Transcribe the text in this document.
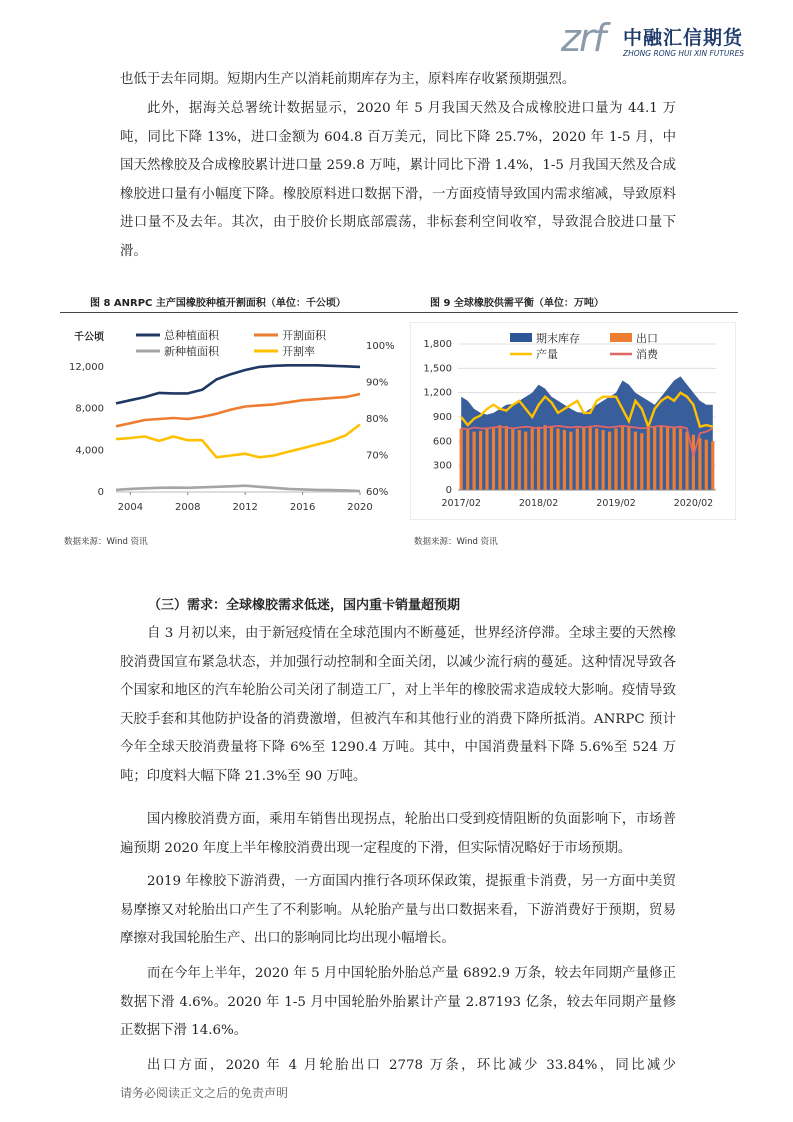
zrf 中融汇信期货
ZHONG RONG HUI XIN FUTURES

也低于去年同期。短期内生产以消耗前期库存为主，原料库存收紧预期强烈。

此外，据海关总署统计数据显示，2020 年 5 月我国天然及合成橡胶进口量为 44.1 万吨，同比下降 13%，进口金额为 604.8 百万美元，同比下降 25.7%，2020 年 1-5 月，中国天然橡胶及合成橡胶累计进口量 259.8 万吨，累计同比下滑 1.4%，1-5 月我国天然及合成橡胶进口量有小幅度下降。橡胶原料进口数据下滑，一方面疫情导致国内需求缩减，导致原料进口量不及去年。其次，由于胶价长期底部震荡，非标套利空间收窄，导致混合胶进口量下滑。

图 8 ANRPC 主产国橡胶种植开割面积（单位：千公顷）	图 9 全球橡胶供需平衡（单位：万吨）
千公顷
0
4,000
8,000
12,000
60%
70%
80%
90%
100%
2004	2008	2012	2016	2020
总种植面积	开割面积
新种植面积	开割率
0
300
600
900
1,200
1,500
1,800
2017/02	2018/02	2019/02	2020/02
期末库存	出口
产量	消费
数据来源：Wind 资讯	数据来源：Wind 资讯
（三）需求：全球橡胶需求低迷，国内重卡销量超预期

自 3 月初以来，由于新冠疫情在全球范围内不断蔓延，世界经济停滞。全球主要的天然橡胶消费国宣布紧急状态，并加强行动控制和全面关闭，以减少流行病的蔓延。这种情况导致各个国家和地区的汽车轮胎公司关闭了制造工厂，对上半年的橡胶需求造成较大影响。疫情导致天胶手套和其他防护设备的消费激增，但被汽车和其他行业的消费下降所抵消。ANRPC 预计今年全球天胶消费量将下降 6%至 1290.4 万吨。其中，中国消费量料下降 5.6%至 524 万吨；印度料大幅下降 21.3%至 90 万吨。

国内橡胶消费方面，乘用车销售出现拐点，轮胎出口受到疫情阻断的负面影响下，市场普遍预期 2020 年度上半年橡胶消费出现一定程度的下滑，但实际情况略好于市场预期。

2019 年橡胶下游消费，一方面国内推行各项环保政策，提振重卡消费，另一方面中美贸易摩擦又对轮胎出口产生了不利影响。从轮胎产量与出口数据来看，下游消费好于预期，贸易摩擦对我国轮胎生产、出口的影响同比均出现小幅增长。

而在今年上半年，2020 年 5 月中国轮胎外胎总产量 6892.9 万条，较去年同期产量修正数据下滑 4.6%。2020 年 1-5 月中国轮胎外胎累计产量 2.87193 亿条，较去年同期产量修正数据下滑 14.6%。

出口方面，2020 年 4 月轮胎出口 2778 万条，环比减少 33.84%，同比减少

请务必阅读正文之后的免责声明
